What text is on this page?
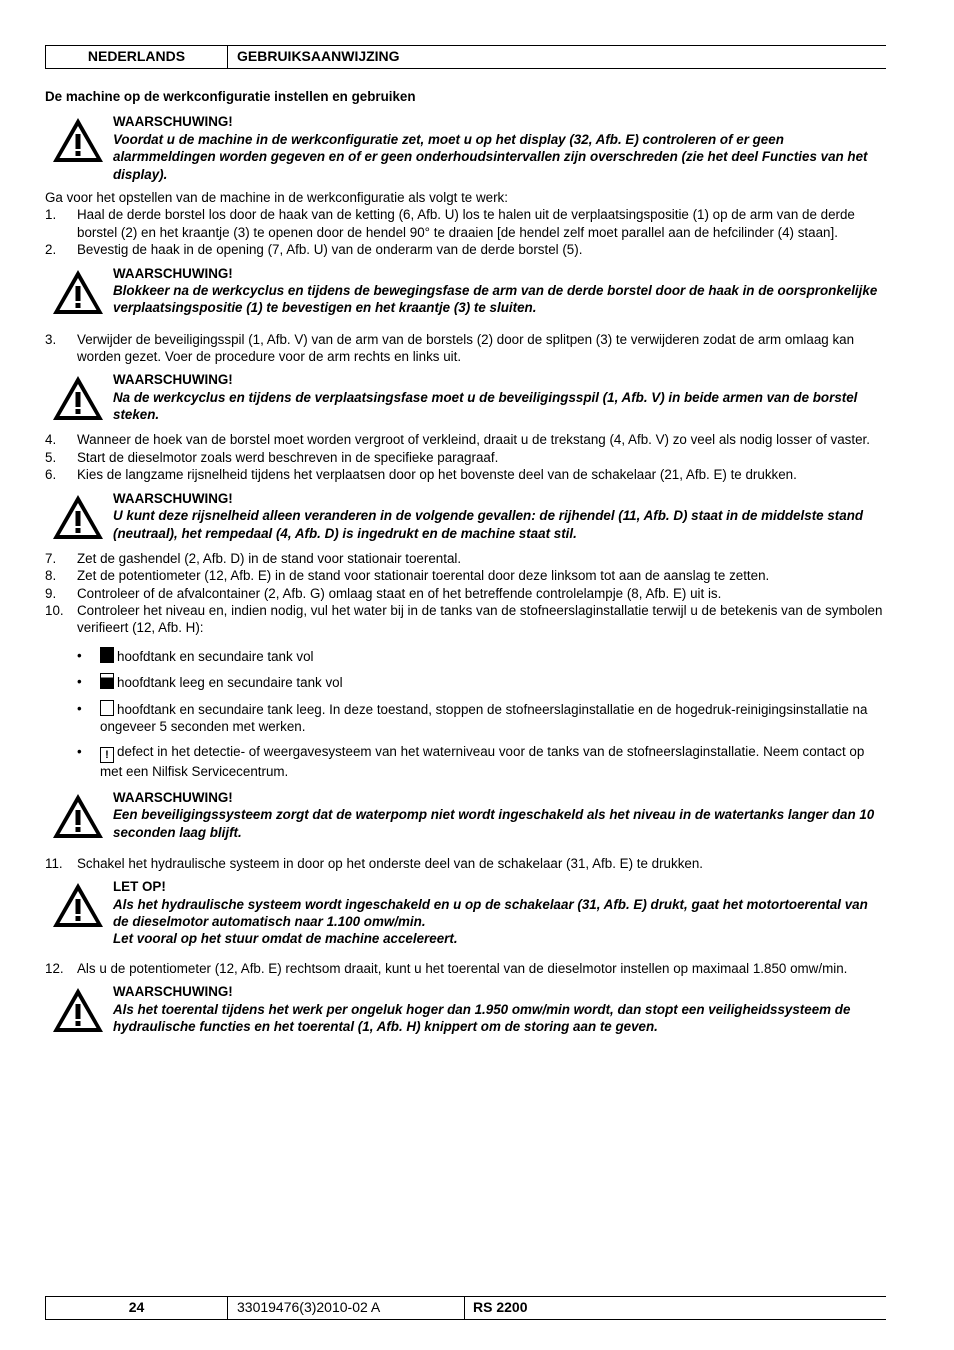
NEDERLANDS	GEBRUIKSAANWIJZING

De machine op de werkconfiguratie instellen en gebruiken

WAARSCHUWING!
Voordat u de machine in de werkconfiguratie zet, moet u op het display (32, Afb. E) controleren of er geen alarmmeldingen worden gegeven en of er geen onderhoudsintervallen zijn overschreden (zie het deel Functies van het display).

Ga voor het opstellen van de machine in de werkconfiguratie als volgt te werk:

1.	Haal de derde borstel los door de haak van de ketting (6, Afb. U) los te halen uit de verplaatsingspositie (1) op de arm van de derde borstel (2) en het kraantje (3) te openen door de hendel 90° te draaien [de hendel zelf moet parallel aan de hefcilinder (4) staan].
2.	Bevestig de haak in de opening (7, Afb. U) van de onderarm van de derde borstel (5).
WAARSCHUWING!
Blokkeer na de werkcyclus en tijdens de bewegingsfase de arm van de derde borstel door de haak in de oorspronkelijke verplaatsingspositie (1) te bevestigen en het kraantje (3) te sluiten.
3.	Verwijder de beveiligingsspil (1, Afb. V) van de arm van de borstels (2) door de splitpen (3) te verwijderen zodat de arm omlaag kan worden gezet. Voer de procedure voor de arm rechts en links uit.
WAARSCHUWING!
Na de werkcyclus en tijdens de verplaatsingsfase moet u de beveiligingsspil (1, Afb. V) in beide armen van de borstel steken.
4.	Wanneer de hoek van de borstel moet worden vergroot of verkleind, draait u de trekstang (4, Afb. V) zo veel als nodig losser of vaster.
5.	Start de dieselmotor zoals werd beschreven in de specifieke paragraaf.
6.	Kies de langzame rijsnelheid tijdens het verplaatsen door op het bovenste deel van de schakelaar (21, Afb. E) te drukken.
WAARSCHUWING!
U kunt deze rijsnelheid alleen veranderen in de volgende gevallen: de rijhendel (11, Afb. D) staat in de middelste stand (neutraal), het rempedaal (4, Afb. D) is ingedrukt en de machine staat stil.
7.	Zet de gashendel (2, Afb. D) in de stand voor stationair toerental.
8.	Zet de potentiometer (12, Afb. E) in de stand voor stationair toerental door deze linksom tot aan de aanslag te zetten.
9.	Controleer of de afvalcontainer (2, Afb. G) omlaag staat en of het betreffende controlelampje (8, Afb. E) uit is.
10. Controleer het niveau en, indien nodig, vul het water bij in de tanks van de stofneerslaginstallatie terwijl u de betekenis van de symbolen verifieert (12, Afb. H):
•	hoofdtank en secundaire tank vol
•	hoofdtank leeg en secundaire tank vol
•	hoofdtank en secundaire tank leeg. In deze toestand, stoppen de stofneerslaginstallatie en de hogedruk-reinigingsinstallatie na ongeveer 5 seconden met werken.
•	! defect in het detectie- of weergavesysteem van het waterniveau voor de tanks van de stofneerslaginstallatie. Neem contact op met een Nilfisk Servicecentrum.
WAARSCHUWING!
Een beveiligingssysteem zorgt dat de waterpomp niet wordt ingeschakeld als het niveau in de watertanks langer dan 10 seconden laag blijft.
11.	Schakel het hydraulische systeem in door op het onderste deel van de schakelaar (31, Afb. E) te drukken.
LET OP!
Als het hydraulische systeem wordt ingeschakeld en u op de schakelaar (31, Afb. E) drukt, gaat het motortoerental van de dieselmotor automatisch naar 1.100 omw/min.
Let vooral op het stuur omdat de machine accelereert.
12. Als u de potentiometer (12, Afb. E) rechtsom draait, kunt u het toerental van de dieselmotor instellen op maximaal 1.850 omw/min.
WAARSCHUWING!
Als het toerental tijdens het werk per ongeluk hoger dan 1.950 omw/min wordt, dan stopt een veiligheidssysteem de hydraulische functies en het toerental (1, Afb. H) knippert om de storing aan te geven.
24	33019476(3)2010-02 A	RS 2200
